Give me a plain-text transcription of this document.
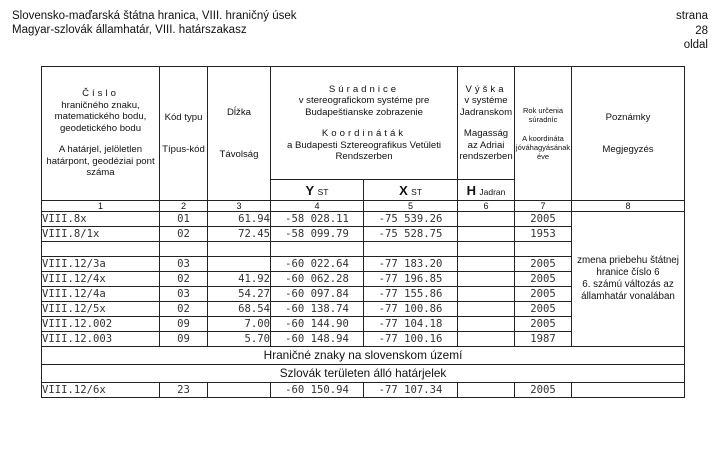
Slovensko-maďarská štátna hranica, VIII. hraničný úsek
Magyar-szlovák államhatár, VIII. határszakasz
strana
28
oldal
Číslo
hraničného znaku, matematického bodu, geodetického bodu
A határjel, jelöletlen határpont, geodéziai pont száma	Kód typu
Típus-kód	Dĺžka
Távolság	Súradnice
v stereografickom systéme pre Budapeštianske zobrazenie
Koordináták
a Budapesti Sztereografikus Vetületi Rendszerben		Výška
v systéme Jadranskom
Magasság az Adriai rendszerben	Rok určenia súradníc
A koordináta jóváhagyásának éve	Poznámky
Megjegyzés
			Y ST	X ST	H Jadran		
1	2	3	4	5	6	7	8
VIII.8x	01	61.94	-58 028.11	-75 539.26		2005	zmena priebehu štátnej hranice číslo 6
6. számú változás az államhatár vonalában
VIII.8/1x	02	72.45	-58 099.79	-75 528.75		1953	

VIII.12/3a	03		-60 022.64	-77 183.20		2005	
VIII.12/4x	02	41.92	-60 062.28	-77 196.85		2005	
VIII.12/4a	03	54.27	-60 097.84	-77 155.86		2005	
VIII.12/5x	02	68.54	-60 138.74	-77 100.86		2005	
VIII.12.002	09	7.00	-60 144.90	-77 104.18		2005	
VIII.12.003	09	5.70	-60 148.94	-77 100.16		1987	
Hraničné znaky na slovenskom území							
Szlovák területen álló határjelek							
VIII.12/6x	23		-60 150.94	-77 107.34		2005	
